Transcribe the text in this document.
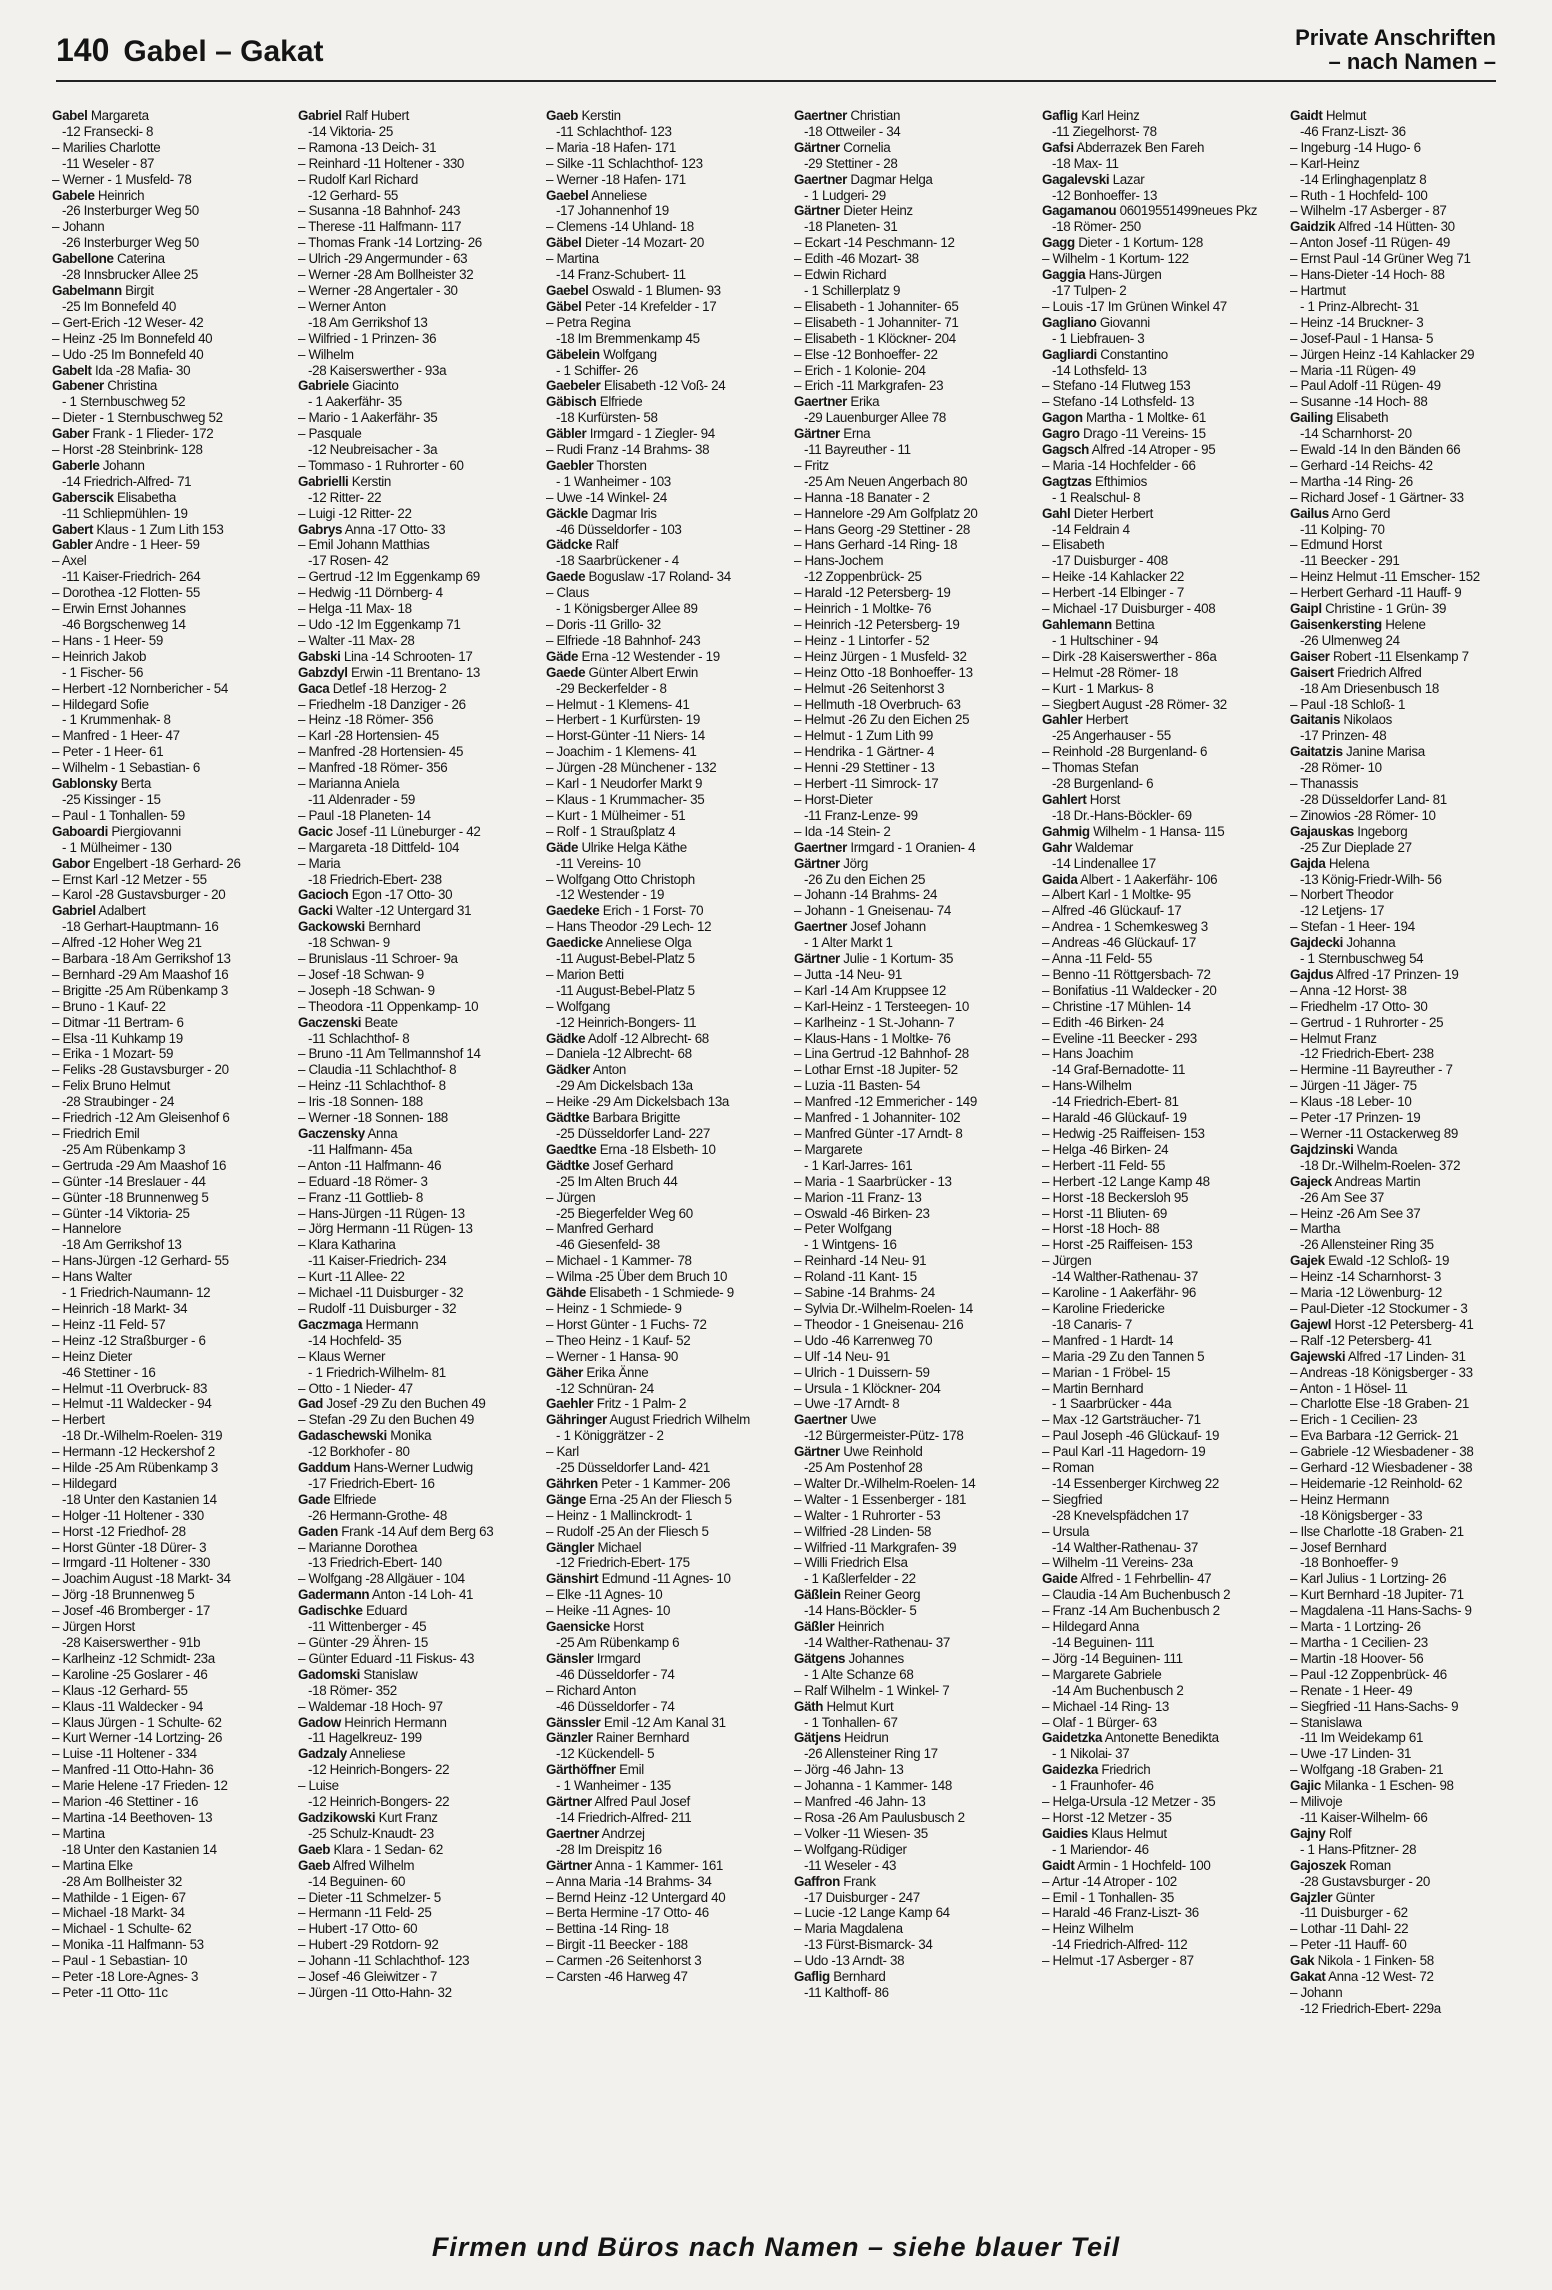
140 Gabel – Gakat	Private Anschriften
– nach Namen –
Gabel Margareta
-12 Fransecki- 8
– Marilies Charlotte
-11 Weseler - 87
– Werner - 1 Musfeld- 78
Gabele Heinrich
-26 Insterburger Weg 50
– Johann
-26 Insterburger Weg 50
Gabellone Caterina
-28 Innsbrucker Allee 25
Gabelmann Birgit
-25 Im Bonnefeld 40
– Gert-Erich -12 Weser- 42
– Heinz -25 Im Bonnefeld 40
– Udo -25 Im Bonnefeld 40
Gabelt Ida -28 Mafia- 30
Gabener Christina
- 1 Sternbuschweg 52
– Dieter - 1 Sternbuschweg 52
Gaber Frank - 1 Flieder- 172
– Horst -28 Steinbrink- 128
Gaberle Johann
-14 Friedrich-Alfred- 71
Gaberscik Elisabetha
-11 Schliepmühlen- 19
Gabert Klaus - 1 Zum Lith 153
Gabler Andre - 1 Heer- 59
– Axel
-11 Kaiser-Friedrich- 264
– Dorothea -12 Flotten- 55
– Erwin Ernst Johannes
-46 Borgschenweg 14
– Hans - 1 Heer- 59
– Heinrich Jakob
- 1 Fischer- 56
– Herbert -12 Nornbericher - 54
– Hildegard Sofie
- 1 Krummenhak- 8
– Manfred - 1 Heer- 47
– Peter - 1 Heer- 61
– Wilhelm - 1 Sebastian- 6
Gablonsky Berta
-25 Kissinger - 15
– Paul - 1 Tonhallen- 59
Gaboardi Piergiovanni
- 1 Mülheimer - 130
Gabor Engelbert -18 Gerhard- 26
– Ernst Karl -12 Metzer - 55
– Karol -28 Gustavsburger - 20
Gabriel Adalbert
-18 Gerhart-Hauptmann- 16
– Alfred -12 Hoher Weg 21
– Barbara -18 Am Gerrikshof 13
– Bernhard -29 Am Maashof 16
– Brigitte -25 Am Rübenkamp 3
– Bruno - 1 Kauf- 22
– Ditmar -11 Bertram- 6
– Elsa -11 Kuhkamp 19
– Erika - 1 Mozart- 59
– Feliks -28 Gustavsburger - 20
– Felix Bruno Helmut
-28 Straubinger - 24
– Friedrich -12 Am Gleisenhof 6
– Friedrich Emil
-25 Am Rübenkamp 3
– Gertruda -29 Am Maashof 16
– Günter -14 Breslauer - 44
– Günter -18 Brunnenweg 5
– Günter -14 Viktoria- 25
– Hannelore
-18 Am Gerrikshof 13
– Hans-Jürgen -12 Gerhard- 55
– Hans Walter
- 1 Friedrich-Naumann- 12
– Heinrich -18 Markt- 34
– Heinz -11 Feld- 57
– Heinz -12 Straßburger - 6
– Heinz Dieter
-46 Stettiner - 16
– Helmut -11 Overbruck- 83
– Helmut -11 Waldecker - 94
– Herbert
-18 Dr.-Wilhelm-Roelen- 319
– Hermann -12 Heckershof 2
– Hilde -25 Am Rübenkamp 3
– Hildegard
-18 Unter den Kastanien 14
– Holger -11 Holtener - 330
– Horst -12 Friedhof- 28
– Horst Günter -18 Dürer- 3
– Irmgard -11 Holtener - 330
– Joachim August -18 Markt- 34
– Jörg -18 Brunnenweg 5
– Josef -46 Bromberger - 17
– Jürgen Horst
-28 Kaiserswerther - 91b
– Karlheinz -12 Schmidt- 23a
– Karoline -25 Goslarer - 46
– Klaus -12 Gerhard- 55
– Klaus -11 Waldecker - 94
– Klaus Jürgen - 1 Schulte- 62
– Kurt Werner -14 Lortzing- 26
– Luise -11 Holtener - 334
– Manfred -11 Otto-Hahn- 36
– Marie Helene -17 Frieden- 12
– Marion -46 Stettiner - 16
– Martina -14 Beethoven- 13
– Martina
-18 Unter den Kastanien 14
– Martina Elke
-28 Am Bollheister 32
– Mathilde - 1 Eigen- 67
– Michael -18 Markt- 34
– Michael - 1 Schulte- 62
– Monika -11 Halfmann- 53
– Paul - 1 Sebastian- 10
– Peter -18 Lore-Agnes- 3
– Peter -11 Otto- 11c
Gabriel Ralf Hubert
-14 Viktoria- 25
– Ramona -13 Deich- 31
– Reinhard -11 Holtener - 330
– Rudolf Karl Richard
-12 Gerhard- 55
– Susanna -18 Bahnhof- 243
– Therese -11 Halfmann- 117
– Thomas Frank -14 Lortzing- 26
– Ulrich -29 Angermunder - 63
– Werner -28 Am Bollheister 32
– Werner -28 Angertaler - 30
– Werner Anton
-18 Am Gerrikshof 13
– Wilfried - 1 Prinzen- 36
– Wilhelm
-28 Kaiserswerther - 93a
Gabriele Giacinto
- 1 Aakerfähr- 35
– Mario - 1 Aakerfähr- 35
– Pasquale
-12 Neubreisacher - 3a
– Tommaso - 1 Ruhrorter - 60
Gabrielli Kerstin
-12 Ritter- 22
– Luigi -12 Ritter- 22
Gabrys Anna -17 Otto- 33
– Emil Johann Matthias
-17 Rosen- 42
– Gertrud -12 Im Eggenkamp 69
– Hedwig -11 Dörnberg- 4
– Helga -11 Max- 18
– Udo -12 Im Eggenkamp 71
– Walter -11 Max- 28
Gabski Lina -14 Schrooten- 17
Gabzdyl Erwin -11 Brentano- 13
Gaca Detlef -18 Herzog- 2
– Friedhelm -18 Danziger - 26
– Heinz -18 Römer- 356
– Karl -28 Hortensien- 45
– Manfred -28 Hortensien- 45
– Manfred -18 Römer- 356
– Marianna Aniela
-11 Aldenrader - 59
– Paul -18 Planeten- 14
Gacic Josef -11 Lüneburger - 42
– Margareta -18 Dittfeld- 104
– Maria
-18 Friedrich-Ebert- 238
Gacioch Egon -17 Otto- 30
Gacki Walter -12 Untergard 31
Gackowski Bernhard
-18 Schwan- 9
– Brunislaus -11 Schroer- 9a
– Josef -18 Schwan- 9
– Joseph -18 Schwan- 9
– Theodora -11 Oppenkamp- 10
Gaczenski Beate
-11 Schlachthof- 8
– Bruno -11 Am Tellmannshof 14
– Claudia -11 Schlachthof- 8
– Heinz -11 Schlachthof- 8
– Iris -18 Sonnen- 188
– Werner -18 Sonnen- 188
Gaczensky Anna
-11 Halfmann- 45a
– Anton -11 Halfmann- 46
– Eduard -18 Römer- 3
– Franz -11 Gottlieb- 8
– Hans-Jürgen -11 Rügen- 13
– Jörg Hermann -11 Rügen- 13
– Klara Katharina
-11 Kaiser-Friedrich- 234
– Kurt -11 Allee- 22
– Michael -11 Duisburger - 32
– Rudolf -11 Duisburger - 32
Gaczmaga Hermann
-14 Hochfeld- 35
– Klaus Werner
- 1 Friedrich-Wilhelm- 81
– Otto - 1 Nieder- 47
Gad Josef -29 Zu den Buchen 49
– Stefan -29 Zu den Buchen 49
Gadaschewski Monika
-12 Borkhofer - 80
Gaddum Hans-Werner Ludwig
-17 Friedrich-Ebert- 16
Gade Elfriede
-26 Hermann-Grothe- 48
Gaden Frank -14 Auf dem Berg 63
– Marianne Dorothea
-13 Friedrich-Ebert- 140
– Wolfgang -28 Allgäuer - 104
Gadermann Anton -14 Loh- 41
Gadischke Eduard
-11 Wittenberger - 45
– Günter -29 Ähren- 15
– Günter Eduard -11 Fiskus- 43
Gadomski Stanislaw
-18 Römer- 352
– Waldemar -18 Hoch- 97
Gadow Heinrich Hermann
-11 Hagelkreuz- 199
Gadzaly Anneliese
-12 Heinrich-Bongers- 22
– Luise
-12 Heinrich-Bongers- 22
Gadzikowski Kurt Franz
-25 Schulz-Knaudt- 23
Gaeb Klara - 1 Sedan- 62
Gaeb Alfred Wilhelm
-14 Beguinen- 60
– Dieter -11 Schmelzer- 5
– Hermann -11 Feld- 25
– Hubert -17 Otto- 60
– Hubert -29 Rotdorn- 92
– Johann -11 Schlachthof- 123
– Josef -46 Gleiwitzer - 7
– Jürgen -11 Otto-Hahn- 32
Gaeb Kerstin
-11 Schlachthof- 123
– Maria -18 Hafen- 171
– Silke -11 Schlachthof- 123
– Werner -18 Hafen- 171
Gaebel Anneliese
-17 Johannenhof 19
– Clemens -14 Uhland- 18
Gäbel Dieter -14 Mozart- 20
– Martina
-14 Franz-Schubert- 11
Gaebel Oswald - 1 Blumen- 93
Gäbel Peter -14 Krefelder - 17
– Petra Regina
-18 Im Bremmenkamp 45
Gäbelein Wolfgang
- 1 Schiffer- 26
Gaebeler Elisabeth -12 Voß- 24
Gäbisch Elfriede
-18 Kurfürsten- 58
Gäbler Irmgard - 1 Ziegler- 94
– Rudi Franz -14 Brahms- 38
Gaebler Thorsten
- 1 Wanheimer - 103
– Uwe -14 Winkel- 24
Gäckle Dagmar Iris
-46 Düsseldorfer - 103
Gädcke Ralf
-18 Saarbrückener - 4
Gaede Boguslaw -17 Roland- 34
– Claus
- 1 Königsberger Allee 89
– Doris -11 Grillo- 32
– Elfriede -18 Bahnhof- 243
Gäde Erna -12 Westender - 19
Gaede Günter Albert Erwin
-29 Beckerfelder - 8
– Helmut - 1 Klemens- 41
– Herbert - 1 Kurfürsten- 19
– Horst-Günter -11 Niers- 14
– Joachim - 1 Klemens- 41
– Jürgen -28 Münchener - 132
– Karl - 1 Neudorfer Markt 9
– Klaus - 1 Krummacher- 35
– Kurt - 1 Mülheimer - 51
– Rolf - 1 Straußplatz 4
Gäde Ulrike Helga Käthe
-11 Vereins- 10
– Wolfgang Otto Christoph
-12 Westender - 19
Gaedeke Erich - 1 Forst- 70
– Hans Theodor -29 Lech- 12
Gaedicke Anneliese Olga
-11 August-Bebel-Platz 5
– Marion Betti
-11 August-Bebel-Platz 5
– Wolfgang
-12 Heinrich-Bongers- 11
Gädke Adolf -12 Albrecht- 68
– Daniela -12 Albrecht- 68
Gädker Anton
-29 Am Dickelsbach 13a
– Heike -29 Am Dickelsbach 13a
Gädtke Barbara Brigitte
-25 Düsseldorfer Land- 227
Gaedtke Erna -18 Elsbeth- 10
Gädtke Josef Gerhard
-25 Im Alten Bruch 44
– Jürgen
-25 Biegerfelder Weg 60
– Manfred Gerhard
-46 Giesenfeld- 38
– Michael - 1 Kammer- 78
– Wilma -25 Über dem Bruch 10
Gähde Elisabeth - 1 Schmiede- 9
– Heinz - 1 Schmiede- 9
– Horst Günter - 1 Fuchs- 72
– Theo Heinz - 1 Kauf- 52
– Werner - 1 Hansa- 90
Gäher Erika Änne
-12 Schnüran- 24
Gaehler Fritz - 1 Palm- 2
Gähringer August Friedrich Wilhelm
- 1 Königgrätzer - 2
– Karl
-25 Düsseldorfer Land- 421
Gährken Peter - 1 Kammer- 206
Gänge Erna -25 An der Fliesch 5
– Heinz - 1 Mallinckrodt- 1
– Rudolf -25 An der Fliesch 5
Gängler Michael
-12 Friedrich-Ebert- 175
Gänshirt Edmund -11 Agnes- 10
– Elke -11 Agnes- 10
– Heike -11 Agnes- 10
Gaensicke Horst
-25 Am Rübenkamp 6
Gänsler Irmgard
-46 Düsseldorfer - 74
– Richard Anton
-46 Düsseldorfer - 74
Gänssler Emil -12 Am Kanal 31
Gänzler Rainer Bernhard
-12 Kückendell- 5
Gärthöffner Emil
- 1 Wanheimer - 135
Gärtner Alfred Paul Josef
-14 Friedrich-Alfred- 211
Gaertner Andrzej
-28 Im Dreispitz 16
Gärtner Anna - 1 Kammer- 161
– Anna Maria -14 Brahms- 34
– Bernd Heinz -12 Untergard 40
– Berta Hermine -17 Otto- 46
– Bettina -14 Ring- 18
– Birgit -11 Beecker - 188
– Carmen -26 Seitenhorst 3
– Carsten -46 Harweg 47
Gaertner Christian
-18 Ottweiler - 34
Gärtner Cornelia
-29 Stettiner - 28
Gaertner Dagmar Helga
- 1 Ludgeri- 29
Gärtner Dieter Heinz
-18 Planeten- 31
– Eckart -14 Peschmann- 12
– Edith -46 Mozart- 38
– Edwin Richard
- 1 Schillerplatz 9
– Elisabeth - 1 Johanniter- 65
– Elisabeth - 1 Johanniter- 71
– Elisabeth - 1 Klöckner- 204
– Else -12 Bonhoeffer- 22
– Erich - 1 Kolonie- 204
– Erich -11 Markgrafen- 23
Gaertner Erika
-29 Lauenburger Allee 78
Gärtner Erna
-11 Bayreuther - 11
– Fritz
-25 Am Neuen Angerbach 80
– Hanna -18 Banater - 2
– Hannelore -29 Am Golfplatz 20
– Hans Georg -29 Stettiner - 28
– Hans Gerhard -14 Ring- 18
– Hans-Jochem
-12 Zoppenbrück- 25
– Harald -12 Petersberg- 19
– Heinrich - 1 Moltke- 76
– Heinrich -12 Petersberg- 19
– Heinz - 1 Lintorfer - 52
– Heinz Jürgen - 1 Musfeld- 32
– Heinz Otto -18 Bonhoeffer- 13
– Helmut -26 Seitenhorst 3
– Hellmuth -18 Overbruch- 63
– Helmut -26 Zu den Eichen 25
– Helmut - 1 Zum Lith 99
– Hendrika - 1 Gärtner- 4
– Henni -29 Stettiner - 13
– Herbert -11 Simrock- 17
– Horst-Dieter
-11 Franz-Lenze- 99
– Ida -14 Stein- 2
Gaertner Irmgard - 1 Oranien- 4
Gärtner Jörg
-26 Zu den Eichen 25
– Johann -14 Brahms- 24
– Johann - 1 Gneisenau- 74
Gaertner Josef Johann
- 1 Alter Markt 1
Gärtner Julie - 1 Kortum- 35
– Jutta -14 Neu- 91
– Karl -14 Am Kruppsee 12
– Karl-Heinz - 1 Tersteegen- 10
– Karlheinz - 1 St.-Johann- 7
– Klaus-Hans - 1 Moltke- 76
– Lina Gertrud -12 Bahnhof- 28
– Lothar Ernst -18 Jupiter- 52
– Luzia -11 Basten- 54
– Manfred -12 Emmericher - 149
– Manfred - 1 Johanniter- 102
– Manfred Günter -17 Arndt- 8
– Margarete
- 1 Karl-Jarres- 161
– Maria - 1 Saarbrücker - 13
– Marion -11 Franz- 13
– Oswald -46 Birken- 23
– Peter Wolfgang
- 1 Wintgens- 16
– Reinhard -14 Neu- 91
– Roland -11 Kant- 15
– Sabine -14 Brahms- 24
– Sylvia Dr.-Wilhelm-Roelen- 14
– Theodor - 1 Gneisenau- 216
– Udo -46 Karrenweg 70
– Ulf -14 Neu- 91
– Ulrich - 1 Duissern- 59
– Ursula - 1 Klöckner- 204
– Uwe -17 Arndt- 8
Gaertner Uwe
-12 Bürgermeister-Pütz- 178
Gärtner Uwe Reinhold
-25 Am Postenhof 28
– Walter Dr.-Wilhelm-Roelen- 14
– Walter - 1 Essenberger - 181
– Walter - 1 Ruhrorter - 53
– Wilfried -28 Linden- 58
– Wilfried -11 Markgrafen- 39
– Willi Friedrich Elsa
- 1 Kaßlerfelder - 22
Gäßlein Reiner Georg
-14 Hans-Böckler- 5
Gäßler Heinrich
-14 Walther-Rathenau- 37
Gätgens Johannes
- 1 Alte Schanze 68
– Ralf Wilhelm - 1 Winkel- 7
Gäth Helmut Kurt
- 1 Tonhallen- 67
Gätjens Heidrun
-26 Allensteiner Ring 17
– Jörg -46 Jahn- 13
– Johanna - 1 Kammer- 148
– Manfred -46 Jahn- 13
– Rosa -26 Am Paulusbusch 2
– Volker -11 Wiesen- 35
– Wolfgang-Rüdiger
-11 Weseler - 43
Gaffron Frank
-17 Duisburger - 247
– Lucie -12 Lange Kamp 64
– Maria Magdalena
-13 Fürst-Bismarck- 34
– Udo -13 Arndt- 38
Gaflig Bernhard
-11 Kalthoff- 86
Gaflig Karl Heinz
-11 Ziegelhorst- 78
Gafsi Abderrazek Ben Fareh
-18 Max- 11
Gagalevski Lazar
-12 Bonhoeffer- 13
Gagamanou 06019551499neues Pkz
-18 Römer- 250
Gagg Dieter - 1 Kortum- 128
– Wilhelm - 1 Kortum- 122
Gaggia Hans-Jürgen
-17 Tulpen- 2
– Louis -17 Im Grünen Winkel 47
Gagliano Giovanni
- 1 Liebfrauen- 3
Gagliardi Constantino
-14 Lothsfeld- 13
– Stefano -14 Flutweg 153
– Stefano -14 Lothsfeld- 13
Gagon Martha - 1 Moltke- 61
Gagro Drago -11 Vereins- 15
Gagsch Alfred -14 Atroper - 95
– Maria -14 Hochfelder - 66
Gagtzas Efthimios
- 1 Realschul- 8
Gahl Dieter Herbert
-14 Feldrain 4
– Elisabeth
-17 Duisburger - 408
– Heike -14 Kahlacker 22
– Herbert -14 Elbinger - 7
– Michael -17 Duisburger - 408
Gahlemann Bettina
- 1 Hultschiner - 94
– Dirk -28 Kaiserswerther - 86a
– Helmut -28 Römer- 18
– Kurt - 1 Markus- 8
– Siegbert August -28 Römer- 32
Gahler Herbert
-25 Angerhauser - 55
– Reinhold -28 Burgenland- 6
– Thomas Stefan
-28 Burgenland- 6
Gahlert Horst
-18 Dr.-Hans-Böckler- 69
Gahmig Wilhelm - 1 Hansa- 115
Gahr Waldemar
-14 Lindenallee 17
Gaida Albert - 1 Aakerfähr- 106
– Albert Karl - 1 Moltke- 95
– Alfred -46 Glückauf- 17
– Andrea - 1 Schemkesweg 3
– Andreas -46 Glückauf- 17
– Anna -11 Feld- 55
– Benno -11 Röttgersbach- 72
– Bonifatius -11 Waldecker - 20
– Christine -17 Mühlen- 14
– Edith -46 Birken- 24
– Eveline -11 Beecker - 293
– Hans Joachim
-14 Graf-Bernadotte- 11
– Hans-Wilhelm
-14 Friedrich-Ebert- 81
– Harald -46 Glückauf- 19
– Hedwig -25 Raiffeisen- 153
– Helga -46 Birken- 24
– Herbert -11 Feld- 55
– Herbert -12 Lange Kamp 48
– Horst -18 Beckersloh 95
– Horst -11 Bliuten- 69
– Horst -18 Hoch- 88
– Horst -25 Raiffeisen- 153
– Jürgen
-14 Walther-Rathenau- 37
– Karoline - 1 Aakerfähr- 96
– Karoline Friedericke
-18 Canaris- 7
– Manfred - 1 Hardt- 14
– Maria -29 Zu den Tannen 5
– Marian - 1 Fröbel- 15
– Martin Bernhard
- 1 Saarbrücker - 44a
– Max -12 Gartsträucher- 71
– Paul Joseph -46 Glückauf- 19
– Paul Karl -11 Hagedorn- 19
– Roman
-14 Essenberger Kirchweg 22
– Siegfried
-28 Knevelspfädchen 17
– Ursula
-14 Walther-Rathenau- 37
– Wilhelm -11 Vereins- 23a
Gaide Alfred - 1 Fehrbellin- 47
– Claudia -14 Am Buchenbusch 2
– Franz -14 Am Buchenbusch 2
– Hildegard Anna
-14 Beguinen- 111
– Jörg -14 Beguinen- 111
– Margarete Gabriele
-14 Am Buchenbusch 2
– Michael -14 Ring- 13
– Olaf - 1 Bürger- 63
Gaidetzka Antonette Benedikta
- 1 Nikolai- 37
Gaidezka Friedrich
- 1 Fraunhofer- 46
– Helga-Ursula -12 Metzer - 35
– Horst -12 Metzer - 35
Gaidies Klaus Helmut
- 1 Mariendor- 46
Gaidt Armin - 1 Hochfeld- 100
– Artur -14 Atroper - 102
– Emil - 1 Tonhallen- 35
– Harald -46 Franz-Liszt- 36
– Heinz Wilhelm
-14 Friedrich-Alfred- 112
– Helmut -17 Asberger - 87
Gaidt Helmut
-46 Franz-Liszt- 36
– Ingeburg -14 Hugo- 6
– Karl-Heinz
-14 Erlinghagenplatz 8
– Ruth - 1 Hochfeld- 100
– Wilhelm -17 Asberger - 87
Gaidzik Alfred -14 Hütten- 30
– Anton Josef -11 Rügen- 49
– Ernst Paul -14 Grüner Weg 71
– Hans-Dieter -14 Hoch- 88
– Hartmut
- 1 Prinz-Albrecht- 31
– Heinz -14 Bruckner- 3
– Josef-Paul - 1 Hansa- 5
– Jürgen Heinz -14 Kahlacker 29
– Maria -11 Rügen- 49
– Paul Adolf -11 Rügen- 49
– Susanne -14 Hoch- 88
Gailing Elisabeth
-14 Scharnhorst- 20
– Ewald -14 In den Bänden 66
– Gerhard -14 Reichs- 42
– Martha -14 Ring- 26
– Richard Josef - 1 Gärtner- 33
Gailus Arno Gerd
-11 Kolping- 70
– Edmund Horst
-11 Beecker - 291
– Heinz Helmut -11 Emscher- 152
– Herbert Gerhard -11 Hauff- 9
Gaipl Christine - 1 Grün- 39
Gaisenkersting Helene
-26 Ulmenweg 24
Gaiser Robert -11 Elsenkamp 7
Gaisert Friedrich Alfred
-18 Am Driesenbusch 18
– Paul -18 Schloß- 1
Gaitanis Nikolaos
-17 Prinzen- 48
Gaitatzis Janine Marisa
-28 Römer- 10
– Thanassis
-28 Düsseldorfer Land- 81
– Zinowios -28 Römer- 10
Gajauskas Ingeborg
-25 Zur Dieplade 27
Gajda Helena
-13 König-Friedr-Wilh- 56
– Norbert Theodor
-12 Letjens- 17
– Stefan - 1 Heer- 194
Gajdecki Johanna
- 1 Sternbuschweg 54
Gajdus Alfred -17 Prinzen- 19
– Anna -12 Horst- 38
– Friedhelm -17 Otto- 30
– Gertrud - 1 Ruhrorter - 25
– Helmut Franz
-12 Friedrich-Ebert- 238
– Hermine -11 Bayreuther - 7
– Jürgen -11 Jäger- 75
– Klaus -18 Leber- 10
– Peter -17 Prinzen- 19
– Werner -11 Ostackerweg 89
Gajdzinski Wanda
-18 Dr.-Wilhelm-Roelen- 372
Gajeck Andreas Martin
-26 Am See 37
– Heinz -26 Am See 37
– Martha
-26 Allensteiner Ring 35
Gajek Ewald -12 Schloß- 19
– Heinz -14 Scharnhorst- 3
– Maria -12 Löwenburg- 12
– Paul-Dieter -12 Stockumer - 3
Gajewl Horst -12 Petersberg- 41
– Ralf -12 Petersberg- 41
Gajewski Alfred -17 Linden- 31
– Andreas -18 Königsberger - 33
– Anton - 1 Hösel- 11
– Charlotte Else -18 Graben- 21
– Erich - 1 Cecilien- 23
– Eva Barbara -12 Gerrick- 21
– Gabriele -12 Wiesbadener - 38
– Gerhard -12 Wiesbadener - 38
– Heidemarie -12 Reinhold- 62
– Heinz Hermann
-18 Königsberger - 33
– Ilse Charlotte -18 Graben- 21
– Josef Bernhard
-18 Bonhoeffer- 9
– Karl Julius - 1 Lortzing- 26
– Kurt Bernhard -18 Jupiter- 71
– Magdalena -11 Hans-Sachs- 9
– Marta - 1 Lortzing- 26
– Martha - 1 Cecilien- 23
– Martin -18 Hoover- 56
– Paul -12 Zoppenbrück- 46
– Renate - 1 Heer- 49
– Siegfried -11 Hans-Sachs- 9
– Stanislawa
-11 Im Weidekamp 61
– Uwe -17 Linden- 31
– Wolfgang -18 Graben- 21
Gajic Milanka - 1 Eschen- 98
– Milivoje
-11 Kaiser-Wilhelm- 66
Gajny Rolf
- 1 Hans-Pfitzner- 28
Gajoszek Roman
-28 Gustavsburger - 20
Gajzler Günter
-11 Duisburger - 62
– Lothar -11 Dahl- 22
– Peter -11 Hauff- 60
Gak Nikola - 1 Finken- 58
Gakat Anna -12 West- 72
– Johann
-12 Friedrich-Ebert- 229a
Firmen und Büros nach Namen – siehe blauer Teil
